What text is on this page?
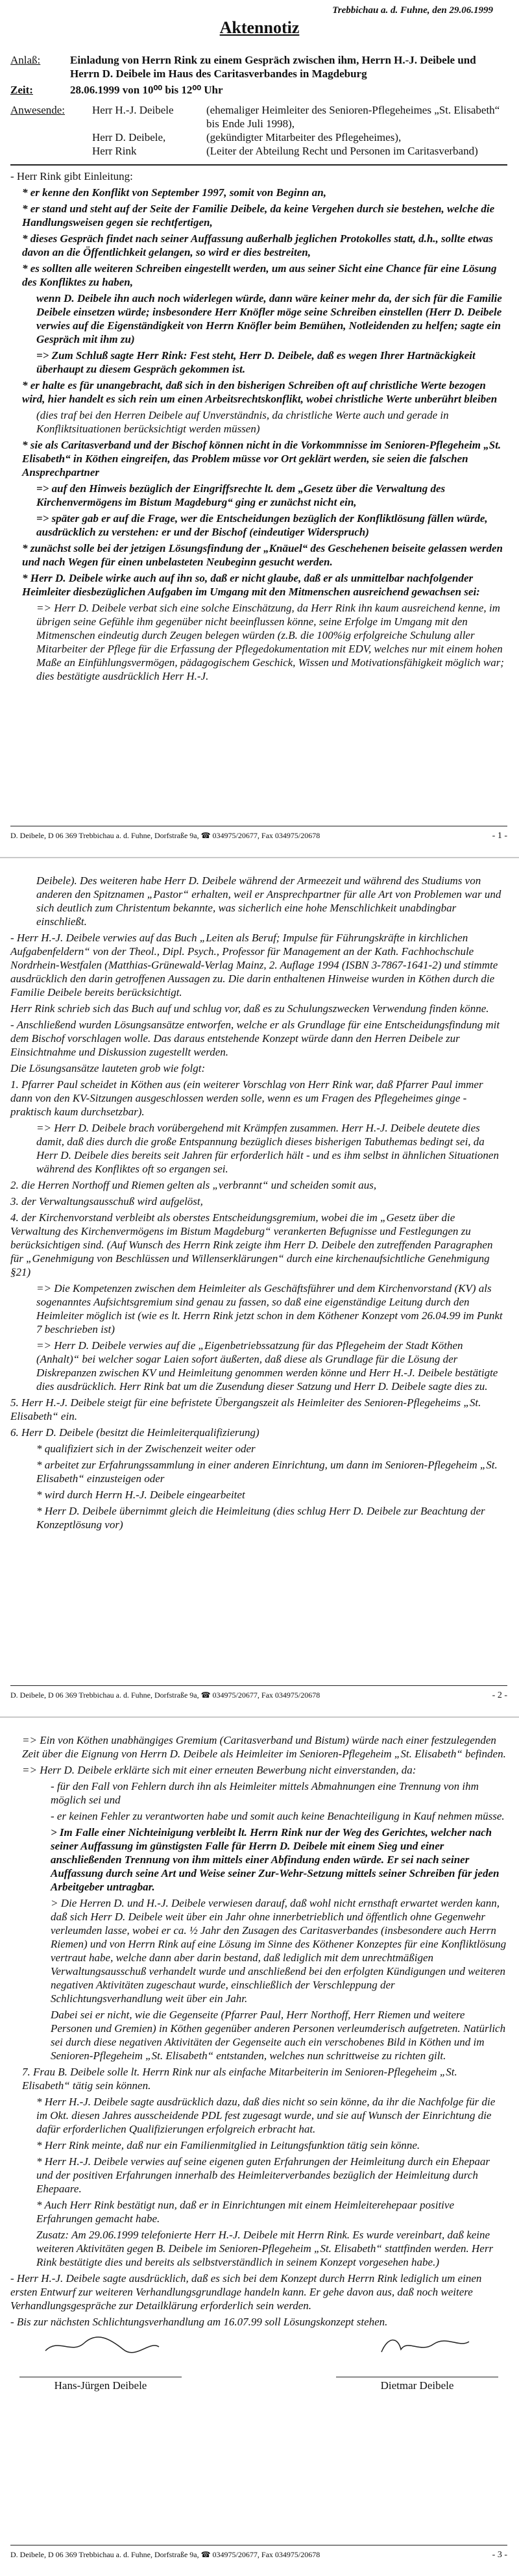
Trebbichau a. d. Fuhne, den 29.06.1999
Aktennotiz
Anlaß:	Einladung von Herrn Rink zu einem Gespräch zwischen ihm, Herrn H.-J. Deibele und Herrn D. Deibele im Haus des Caritasverbandes in Magdeburg
Zeit:	28.06.1999 von 10⁰⁰ bis 12⁰⁰ Uhr
Anwesende:	Herr H.-J. Deibele	(ehemaliger Heimleiter des Senioren-Pflegeheimes „St. Elisabeth“ bis Ende Juli 1998),
Herr D. Deibele,	(gekündigter Mitarbeiter des Pflegeheimes),
Herr Rink	(Leiter der Abteilung Recht und Personen im Caritasverband)

- Herr Rink gibt Einleitung:

* er kenne den Konflikt von September 1997, somit von Beginn an,

* er stand und steht auf der Seite der Familie Deibele, da keine Vergehen durch sie bestehen, welche die Handlungsweisen gegen sie rechtfertigen,

* dieses Gespräch findet nach seiner Auffassung außerhalb jeglichen Protokolles statt, d.h., sollte etwas davon an die Öffentlichkeit gelangen, so wird er dies bestreiten,

* es sollten alle weiteren Schreiben eingestellt werden, um aus seiner Sicht eine Chance für eine Lösung des Konfliktes zu haben,

wenn D. Deibele ihn auch noch widerlegen würde, dann wäre keiner mehr da, der sich für die Familie Deibele einsetzen würde; insbesondere Herr Knöfler möge seine Schreiben einstellen (Herr D. Deibele verwies auf die Eigenständigkeit von Herrn Knöfler beim Bemühen, Notleidenden zu helfen; sagte ein Gespräch mit ihm zu)

=> Zum Schluß sagte Herr Rink: Fest steht, Herr D. Deibele, daß es wegen Ihrer Hartnäckigkeit überhaupt zu diesem Gespräch gekommen ist.

* er halte es für unangebracht, daß sich in den bisherigen Schreiben oft auf christliche Werte bezogen wird, hier handelt es sich rein um einen Arbeitsrechtskonflikt, wobei christliche Werte unberührt bleiben

(dies traf bei den Herren Deibele auf Unverständnis, da christliche Werte auch und gerade in Konfliktsituationen berücksichtigt werden müssen)

* sie als Caritasverband und der Bischof können nicht in die Vorkommnisse im Senioren-Pflegeheim „St. Elisabeth“ in Köthen eingreifen, das Problem müsse vor Ort geklärt werden, sie seien die falschen Ansprechpartner

=> auf den Hinweis bezüglich der Eingriffsrechte lt. dem „Gesetz über die Verwaltung des Kirchenvermögens im Bistum Magdeburg“ ging er zunächst nicht ein,

=> später gab er auf die Frage, wer die Entscheidungen bezüglich der Konfliktlösung fällen würde, ausdrücklich zu verstehen: er und der Bischof (eindeutiger Widerspruch)

* zunächst solle bei der jetzigen Lösungsfindung der „Knäuel“ des Geschehenen beiseite gelassen werden und nach Wegen für einen unbelasteten Neubeginn gesucht werden.

* Herr D. Deibele wirke auch auf ihn so, daß er nicht glaube, daß er als unmittelbar nachfolgender Heimleiter diesbezüglichen Aufgaben im Umgang mit den Mitmenschen ausreichend gewachsen sei:

=> Herr D. Deibele verbat sich eine solche Einschätzung, da Herr Rink ihn kaum ausreichend kenne, im übrigen seine Gefühle ihm gegenüber nicht beeinflussen könne, seine Erfolge im Umgang mit den Mitmenschen eindeutig durch Zeugen belegen würden (z.B. die 100%ig erfolgreiche Schulung aller Mitarbeiter der Pflege für die Erfassung der Pflegedokumentation mit EDV, welches nur mit einem hohen Maße an Einfühlungsvermögen, pädagogischem Geschick, Wissen und Motivationsfähigkeit möglich war; dies bestätigte ausdrücklich Herr H.-J.

D. Deibele, D 06 369 Trebbichau a. d. Fuhne, Dorfstraße 9a, ☎ 034975/20677, Fax 034975/20678	- 1 -

Deibele). Des weiteren habe Herr D. Deibele während der Armeezeit und während des Studiums von anderen den Spitznamen „Pastor“ erhalten, weil er Ansprechpartner für alle Art von Problemen war und sich deutlich zum Christentum bekannte, was sicherlich eine hohe Menschlichkeit unabdingbar einschließt.

- Herr H.-J. Deibele verwies auf das Buch „Leiten als Beruf; Impulse für Führungskräfte in kirchlichen Aufgabenfeldern“ von der Theol., Dipl. Psych., Professor für Management an der Kath. Fachhochschule Nordrhein-Westfalen (Matthias-Grünewald-Verlag Mainz, 2. Auflage 1994 (ISBN 3-7867-1641-2) und stimmte ausdrücklich den darin getroffenen Aussagen zu. Die darin enthaltenen Hinweise wurden in Köthen durch die Familie Deibele bereits berücksichtigt.

Herr Rink schrieb sich das Buch auf und schlug vor, daß es zu Schulungszwecken Verwendung finden könne.

- Anschließend wurden Lösungsansätze entworfen, welche er als Grundlage für eine Entscheidungsfindung mit dem Bischof vorschlagen wolle. Das daraus entstehende Konzept würde dann den Herren Deibele zur Einsichtnahme und Diskussion zugestellt werden.

Die Lösungsansätze lauteten grob wie folgt:

1. Pfarrer Paul scheidet in Köthen aus (ein weiterer Vorschlag von Herr Rink war, daß Pfarrer Paul immer dann von den KV-Sitzungen ausgeschlossen werden solle, wenn es um Fragen des Pflegeheimes ginge - praktisch kaum durchsetzbar).

=> Herr D. Deibele brach vorübergehend mit Krämpfen zusammen. Herr H.-J. Deibele deutete dies damit, daß dies durch die große Entspannung bezüglich dieses bisherigen Tabuthemas bedingt sei, da Herr D. Deibele dies bereits seit Jahren für erforderlich hält - und es ihm selbst in ähnlichen Situationen während des Konfliktes oft so ergangen sei.

2. die Herren Northoff und Riemen gelten als „verbrannt“ und scheiden somit aus,

3. der Verwaltungsausschuß wird aufgelöst,

4. der Kirchenvorstand verbleibt als oberstes Entscheidungsgremium, wobei die im „Gesetz über die Verwaltung des Kirchenvermögens im Bistum Magdeburg“ verankerten Befugnisse und Festlegungen zu berücksichtigen sind. (Auf Wunsch des Herrn Rink zeigte ihm Herr D. Deibele den zutreffenden Paragraphen für „Genehmigung von Beschlüssen und Willenserklärungen“ durch eine kirchenaufsichtliche Genehmigung §21)

=> Die Kompetenzen zwischen dem Heimleiter als Geschäftsführer und dem Kirchenvorstand (KV) als sogenanntes Aufsichtsgremium sind genau zu fassen, so daß eine eigenständige Leitung durch den Heimleiter möglich ist (wie es lt. Herrn Rink jetzt schon in dem Köthener Konzept vom 26.04.99 im Punkt 7 beschrieben ist)

=> Herr D. Deibele verwies auf die „Eigenbetriebssatzung für das Pflegeheim der Stadt Köthen (Anhalt)“ bei welcher sogar Laien sofort äußerten, daß diese als Grundlage für die Lösung der Diskrepanzen zwischen KV und Heimleitung genommen werden könne und Herr H.-J. Deibele bestätigte dies ausdrücklich. Herr Rink bat um die Zusendung dieser Satzung und Herr D. Deibele sagte dies zu.

5. Herr H.-J. Deibele steigt für eine befristete Übergangszeit als Heimleiter des Senioren-Pflegeheims „St. Elisabeth“ ein.

6. Herr D. Deibele (besitzt die Heimleiterqualifizierung)

* qualifiziert sich in der Zwischenzeit weiter oder

* arbeitet zur Erfahrungssammlung in einer anderen Einrichtung, um dann im Senioren-Pflegeheim „St. Elisabeth“ einzusteigen oder

* wird durch Herrn H.-J. Deibele eingearbeitet

* Herr D. Deibele übernimmt gleich die Heimleitung (dies schlug Herr D. Deibele zur Beachtung der Konzeptlösung vor)

D. Deibele, D 06 369 Trebbichau a. d. Fuhne, Dorfstraße 9a, ☎ 034975/20677, Fax 034975/20678	- 2 -

=> Ein von Köthen unabhängiges Gremium (Caritasverband und Bistum) würde nach einer festzulegenden Zeit über die Eignung von Herrn D. Deibele als Heimleiter im Senioren-Pflegeheim „St. Elisabeth“ befinden.

=> Herr D. Deibele erklärte sich mit einer erneuten Bewerbung nicht einverstanden, da:

- für den Fall von Fehlern durch ihn als Heimleiter mittels Abmahnungen eine Trennung von ihm möglich sei und

- er keinen Fehler zu verantworten habe und somit auch keine Benachteiligung in Kauf nehmen müsse.

> Im Falle einer Nichteinigung verbleibt lt. Herrn Rink nur der Weg des Gerichtes, welcher nach seiner Auffassung im günstigsten Falle für Herrn D. Deibele mit einem Sieg und einer anschließenden Trennung von ihm mittels einer Abfindung enden würde. Er sei nach seiner Auffassung durch seine Art und Weise seiner Zur-Wehr-Setzung mittels seiner Schreiben für jeden Arbeitgeber untragbar.

> Die Herren D. und H.-J. Deibele verwiesen darauf, daß wohl nicht ernsthaft erwartet werden kann, daß sich Herr D. Deibele weit über ein Jahr ohne innerbetrieblich und öffentlich ohne Gegenwehr verleumden lasse, wobei er ca. ½ Jahr den Zusagen des Caritasverbandes (insbesondere auch Herrn Riemen) und von Herrn Rink auf eine Lösung im Sinne des Köthener Konzeptes für eine Konfliktlösung vertraut habe, welche dann aber darin bestand, daß lediglich mit dem unrechtmäßigen Verwaltungsausschuß verhandelt wurde und anschließend bei den erfolgten Kündigungen und weiteren negativen Aktivitäten zugeschaut wurde, einschließlich der Verschleppung der Schlichtungsverhandlung weit über ein Jahr.

Dabei sei er nicht, wie die Gegenseite (Pfarrer Paul, Herr Northoff, Herr Riemen und weitere Personen und Gremien) in Köthen gegenüber anderen Personen verleumderisch aufgetreten. Natürlich sei durch diese negativen Aktivitäten der Gegenseite auch ein verschobenes Bild in Köthen und im Senioren-Pflegeheim „St. Elisabeth“ entstanden, welches nun schrittweise zu richten gilt.

7. Frau B. Deibele solle lt. Herrn Rink nur als einfache Mitarbeiterin im Senioren-Pflegeheim „St. Elisabeth“ tätig sein können.

* Herr H.-J. Deibele sagte ausdrücklich dazu, daß dies nicht so sein könne, da ihr die Nachfolge für die im Okt. diesen Jahres ausscheidende PDL fest zugesagt wurde, und sie auf Wunsch der Einrichtung die dafür erforderlichen Qualifizierungen erfolgreich erbracht hat.

* Herr Rink meinte, daß nur ein Familienmitglied in Leitungsfunktion tätig sein könne.

* Herr H.-J. Deibele verwies auf seine eigenen guten Erfahrungen der Heimleitung durch ein Ehepaar und der positiven Erfahrungen innerhalb des Heimleiterverbandes bezüglich der Heimleitung durch Ehepaare.

* Auch Herr Rink bestätigt nun, daß er in Einrichtungen mit einem Heimleiterehepaar positive Erfahrungen gemacht habe.

Zusatz: Am 29.06.1999 telefonierte Herr H.-J. Deibele mit Herrn Rink. Es wurde vereinbart, daß keine weiteren Aktivitäten gegen B. Deibele im Senioren-Pflegeheim „St. Elisabeth“ stattfinden werden. Herr Rink bestätigte dies und bereits als selbstverständlich in seinem Konzept vorgesehen habe.)

- Herr H.-J. Deibele sagte ausdrücklich, daß es sich bei dem Konzept durch Herrn Rink lediglich um einen ersten Entwurf zur weiteren Verhandlungsgrundlage handeln kann. Er gehe davon aus, daß noch weitere Verhandlungsgespräche zur Detailklärung erforderlich sein werden.

- Bis zur nächsten Schlichtungsverhandlung am 16.07.99 soll Lösungskonzept stehen.

Hans-Jürgen Deibele	Dietmar Deibele
D. Deibele, D 06 369 Trebbichau a. d. Fuhne, Dorfstraße 9a, ☎ 034975/20677, Fax 034975/20678	- 3 -
